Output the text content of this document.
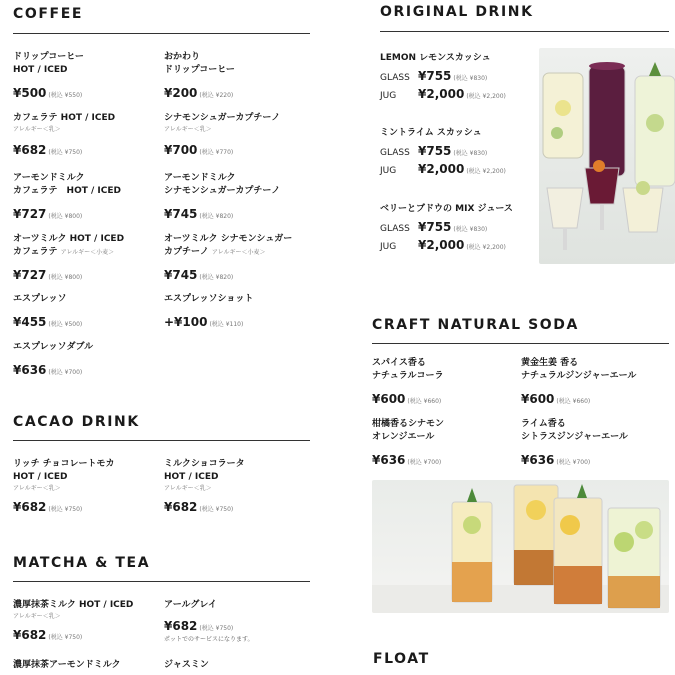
COFFEE
ドリップコーヒー
HOT / ICED
¥500 (税込 ¥550)
おかわり
ドリップコーヒー
¥200 (税込 ¥220)
カフェラテ HOT / ICED
アレルギー＜乳＞
¥682 (税込 ¥750)
シナモンシュガーカプチーノ
アレルギー＜乳＞
¥700 (税込 ¥770)
アーモンドミルク
カフェラテ　HOT / ICED
¥727 (税込 ¥800)
アーモンドミルク
シナモンシュガーカプチーノ
¥745 (税込 ¥820)
オーツミルク HOT / ICED
カフェラテ アレルギー＜小麦＞
¥727 (税込 ¥800)
オーツミルク シナモンシュガー
カプチーノ アレルギー＜小麦＞
¥745 (税込 ¥820)
エスプレッソ
¥455 (税込 ¥500)
エスプレッソショット
+¥100 (税込 ¥110)
エスプレッソダブル
¥636 (税込 ¥700)
CACAO DRINK
リッチ チョコレートモカ
HOT / ICED
アレルギー＜乳＞
¥682 (税込 ¥750)
ミルクショコラータ
HOT / ICED
アレルギー＜乳＞
¥682 (税込 ¥750)
MATCHA & TEA
濃厚抹茶ミルク HOT / ICED
アレルギー＜乳＞
¥682 (税込 ¥750)
アールグレイ
¥682 (税込 ¥750)
ポットでのサービスになります。
濃厚抹茶アーモンドミルク	ジャスミン
ORIGINAL DRINK
LEMON レモンスカッシュ
GLASS ¥755 (税込 ¥830)
JUG	¥2,000 (税込 ¥2,200)
ミントライム スカッシュ
GLASS ¥755 (税込 ¥830)
JUG	¥2,000 (税込 ¥2,200)
ベリーとブドウの MIX ジュース
GLASS ¥755 (税込 ¥830)
JUG	¥2,000 (税込 ¥2,200)
CRAFT NATURAL SODA
スパイス香る
ナチュラルコーラ
¥600 (税込 ¥660)
黄金生姜 香る
ナチュラルジンジャーエール
¥600 (税込 ¥660)
柑橘香るシナモン
オレンジエール
¥636 (税込 ¥700)
ライム香る
シトラスジンジャーエール
¥636 (税込 ¥700)
FLOAT
